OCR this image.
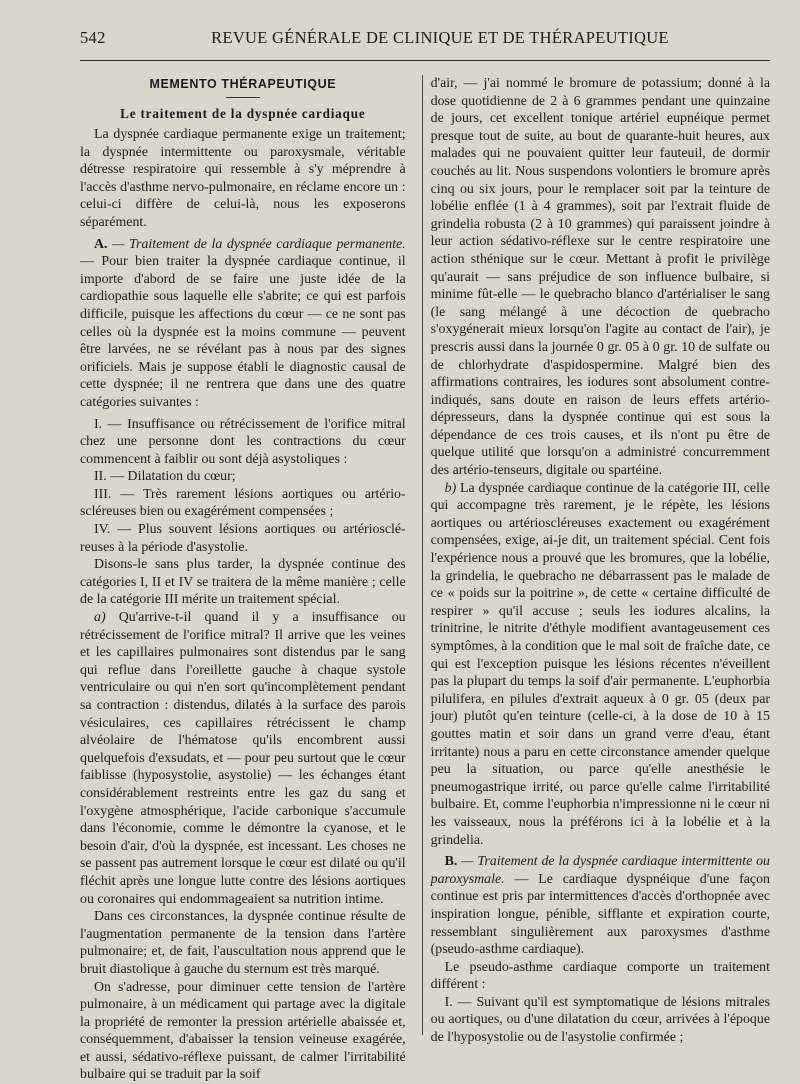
542	REVUE GÉNÉRALE DE CLINIQUE ET DE THÉRAPEUTIQUE
MEMENTO THÉRAPEUTIQUE
Le traitement de la dyspnée cardiaque

La dyspnée cardiaque permanente exige un traitement; la dyspnée intermittente ou paroxysmale, véritable détresse respiratoire qui ressemble à s'y méprendre à l'accès d'asthme nervo-pulmonaire, en réclame encore un : celui-ci diffère de celui-là, nous les exposerons séparément.

A. — Traitement de la dyspnée cardiaque permanente. — Pour bien traiter la dyspnée cardiaque continue, il importe d'abord de se faire une juste idée de la cardiopathie sous laquelle elle s'abrite; ce qui est parfois difficile, puisque les affections du cœur — ce ne sont pas celles où la dyspnée est la moins commune — peuvent être larvées, ne se révélant pas à nous par des signes orificiels. Mais je suppose établi le diagnostic causal de cette dyspnée; il ne rentrera que dans une des quatre catégories suivantes :

I. — Insuffisance ou rétrécissement de l'orifice mitral chez une personne dont les contractions du cœur commencent à faiblir ou sont déjà asystoliques :

II. — Dilatation du cœur;

III. — Très rarement lésions aortiques ou artério-scléreuses bien ou exagérément compensées ;

IV. — Plus souvent lésions aortiques ou artériosclé-reuses à la période d'asystolie.

Disons-le sans plus tarder, la dyspnée continue des catégories I, II et IV se traitera de la même manière ; celle de la catégorie III mérite un traitement spécial.

a) Qu'arrive-t-il quand il y a insuffisance ou rétrécissement de l'orifice mitral? Il arrive que les veines et les capillaires pulmonaires sont distendus par le sang qui reflue dans l'oreillette gauche à chaque systole ventriculaire ou qui n'en sort qu'incomplètement pendant sa contraction : distendus, dilatés à la surface des parois vésiculaires, ces capillaires rétrécissent le champ alvéolaire de l'hématose qu'ils encombrent aussi quelquefois d'exsudats, et — pour peu surtout que le cœur faiblisse (hyposystolie, asystolie) — les échanges étant considérablement restreints entre les gaz du sang et l'oxygène atmosphérique, l'acide carbonique s'accumule dans l'économie, comme le démontre la cyanose, et le besoin d'air, d'où la dyspnée, est incessant. Les choses ne se passent pas autrement lorsque le cœur est dilaté ou qu'il fléchit après une longue lutte contre des lésions aortiques ou coronaires qui endommageaient sa nutrition intime.

Dans ces circonstances, la dyspnée continue résulte de l'augmentation permanente de la tension dans l'artère pulmonaire; et, de fait, l'auscultation nous apprend que le bruit diastolique à gauche du sternum est très marqué.

On s'adresse, pour diminuer cette tension de l'artère pulmonaire, à un médicament qui partage avec la digitale la propriété de remonter la pression artérielle abaissée et, conséquemment, d'abaisser la tension veineuse exagérée, et aussi, sédativo-réflexe puissant, de calmer l'irritabilité bulbaire qui se traduit par la soif

d'air, — j'ai nommé le bromure de potassium; donné à la dose quotidienne de 2 à 6 grammes pendant une quinzaine de jours, cet excellent tonique artériel eupnéique permet presque tout de suite, au bout de quarante-huit heures, aux malades qui ne pouvaient quitter leur fauteuil, de dormir couchés au lit. Nous suspendons volontiers le bromure après cinq ou six jours, pour le remplacer soit par la teinture de lobélie enflée (1 à 4 grammes), soit par l'extrait fluide de grindelia robusta (2 à 10 grammes) qui paraissent joindre à leur action sédativo-réflexe sur le centre respiratoire une action sthénique sur le cœur. Mettant à profit le privilège qu'aurait — sans préjudice de son influence bulbaire, si minime fût-elle — le quebracho blanco d'artérialiser le sang (le sang mélangé à une décoction de quebracho s'oxygénerait mieux lorsqu'on l'agite au contact de l'air), je prescris aussi dans la journée 0 gr. 05 à 0 gr. 10 de sulfate ou de chlorhydrate d'aspidospermine. Malgré bien des affirmations contraires, les iodures sont absolument contre-indiqués, sans doute en raison de leurs effets artério-dépresseurs, dans la dyspnée continue qui est sous la dépendance de ces trois causes, et ils n'ont pu être de quelque utilité que lorsqu'on a administré concurremment des artério-tenseurs, digitale ou spartéine.

b) La dyspnée cardiaque continue de la catégorie III, celle qui accompagne très rarement, je le répète, les lésions aortiques ou artérioscléreuses exactement ou exagérément compensées, exige, ai-je dit, un traitement spécial. Cent fois l'expérience nous a prouvé que les bromures, que la lobélie, la grindelia, le quebracho ne débarrassent pas le malade de ce « poids sur la poitrine », de cette « certaine difficulté de respirer » qu'il accuse ; seuls les iodures alcalins, la trinitrine, le nitrite d'éthyle modifient avantageusement ces symptômes, à la condition que le mal soit de fraîche date, ce qui est l'exception puisque les lésions récentes n'éveillent pas la plupart du temps la soif d'air permanente. L'euphorbia pilulifera, en pilules d'extrait aqueux à 0 gr. 05 (deux par jour) plutôt qu'en teinture (celle-ci, à la dose de 10 à 15 gouttes matin et soir dans un grand verre d'eau, étant irritante) nous a paru en cette circonstance amender quelque peu la situation, ou parce qu'elle anesthésie le pneumogastrique irrité, ou parce qu'elle calme l'irritabilité bulbaire. Et, comme l'euphorbia n'impressionne ni le cœur ni les vaisseaux, nous la préférons ici à la lobélie et à la grindelia.

B. — Traitement de la dyspnée cardiaque intermittente ou paroxysmale. — Le cardiaque dyspnéique d'une façon continue est pris par intermittences d'accès d'orthopnée avec inspiration longue, pénible, sifflante et expiration courte, ressemblant singulièrement aux paroxysmes d'asthme (pseudo-asthme cardiaque).

Le pseudo-asthme cardiaque comporte un traitement différent :

I. — Suivant qu'il est symptomatique de lésions mitrales ou aortiques, ou d'une dilatation du cœur, arrivées à l'époque de l'hyposystolie ou de l'asystolie confirmée ;
